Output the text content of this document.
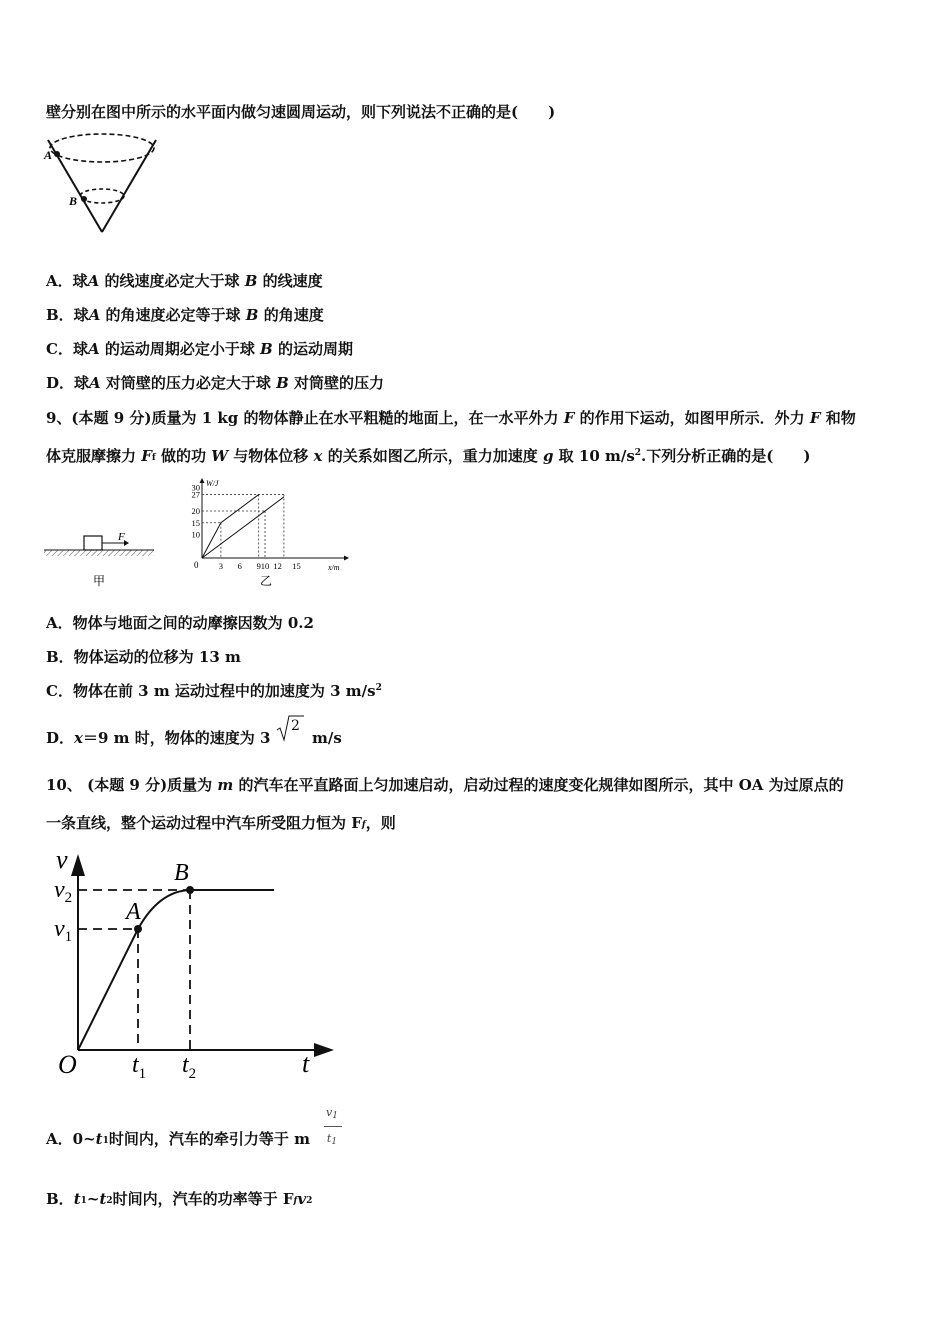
壁分别在图中所示的水平面内做匀速圆周运动，则下列说法不正确的是(　　)
A
B
A．球A 的线速度必定大于球 B 的线速度
B．球A 的角速度必定等于球 B 的角速度
C．球A 的运动周期必定小于球 B 的运动周期
D．球A 对筒壁的压力必定大于球 B 对筒壁的压力
9、(本题 9 分)质量为 1 kg 的物体静止在水平粗糙的地面上，在一水平外力 F 的作用下运动，如图甲所示．外力 F 和物
体克服摩擦力 $F_f$ 做的功 W 与物体位移 x 的关系如图乙所示，重力加速度 g 取 10 $m/s^2$.下列分析正确的是(　　)
F
甲
30
27
20
15
10
3 6 9 10 12 15
W/J
x/m
0
乙
A．物体与地面之间的动摩擦因数为 0.2
B．物体运动的位移为 13 m
C．物体在前 3 m 运动过程中的加速度为 3 $m/s^2$
D．x＝9 m 时，物体的速度为 3
2
m/s
10、 (本题 9 分)质量为 m 的汽车在平直路面上匀加速启动，启动过程的速度变化规律如图所示，其中 OA 为过原点的
一条直线，整个运动过程中汽车所受阻力恒为 $F_f$，则
v
$v_2$
$v_1$
A
B
O $t_1$ $t_2$	t
A．$0\sim t_1$时间内，汽车的牵引力等于 m
$v_1$
$t_1$
B．$t_1\sim t_2$时间内，汽车的功率等于 $F_fv_2$
